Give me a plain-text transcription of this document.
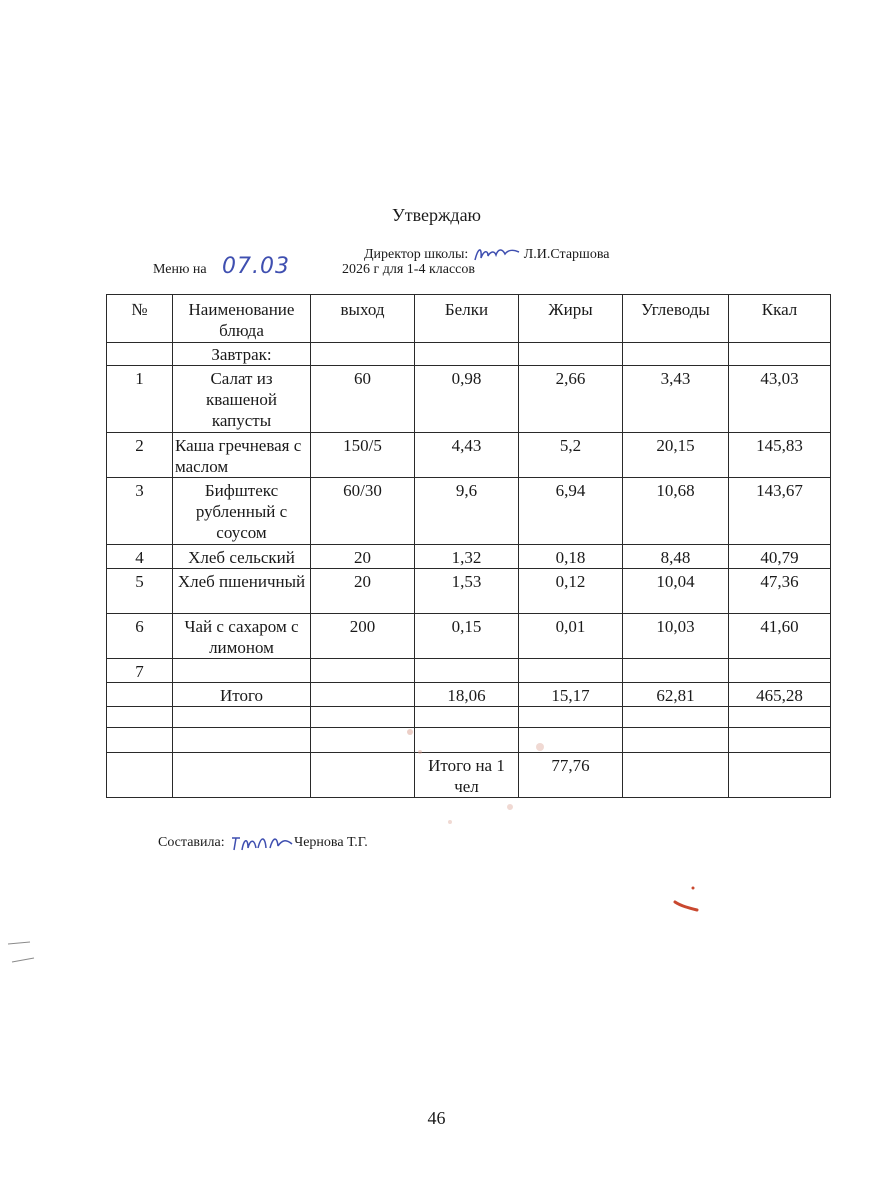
Утверждаю
Директор школы:	Л.И.Старшова
Меню на 07.03	2026 г для 1-4 классов
№	Наименование блюда	выход	Белки	Жиры	Углеводы	Ккал
	Завтрак:					
1	Салат из квашеной капусты	60	0,98	2,66	3,43	43,03
2	Каша гречневая с маслом	150/5	4,43	5,2	20,15	145,83
3	Бифштекс рубленный с соусом	60/30	9,6	6,94	10,68	143,67
4	Хлеб сельский	20	1,32	0,18	8,48	40,79
5	Хлеб пшеничный	20	1,53	0,12	10,04	47,36
6	Чай с сахаром с лимоном	200	0,15	0,01	10,03	41,60
7						
	Итого		18,06	15,17	62,81	465,28

			Итого на 1 чел	77,76		
Составила:	Чернова Т.Г.
46
